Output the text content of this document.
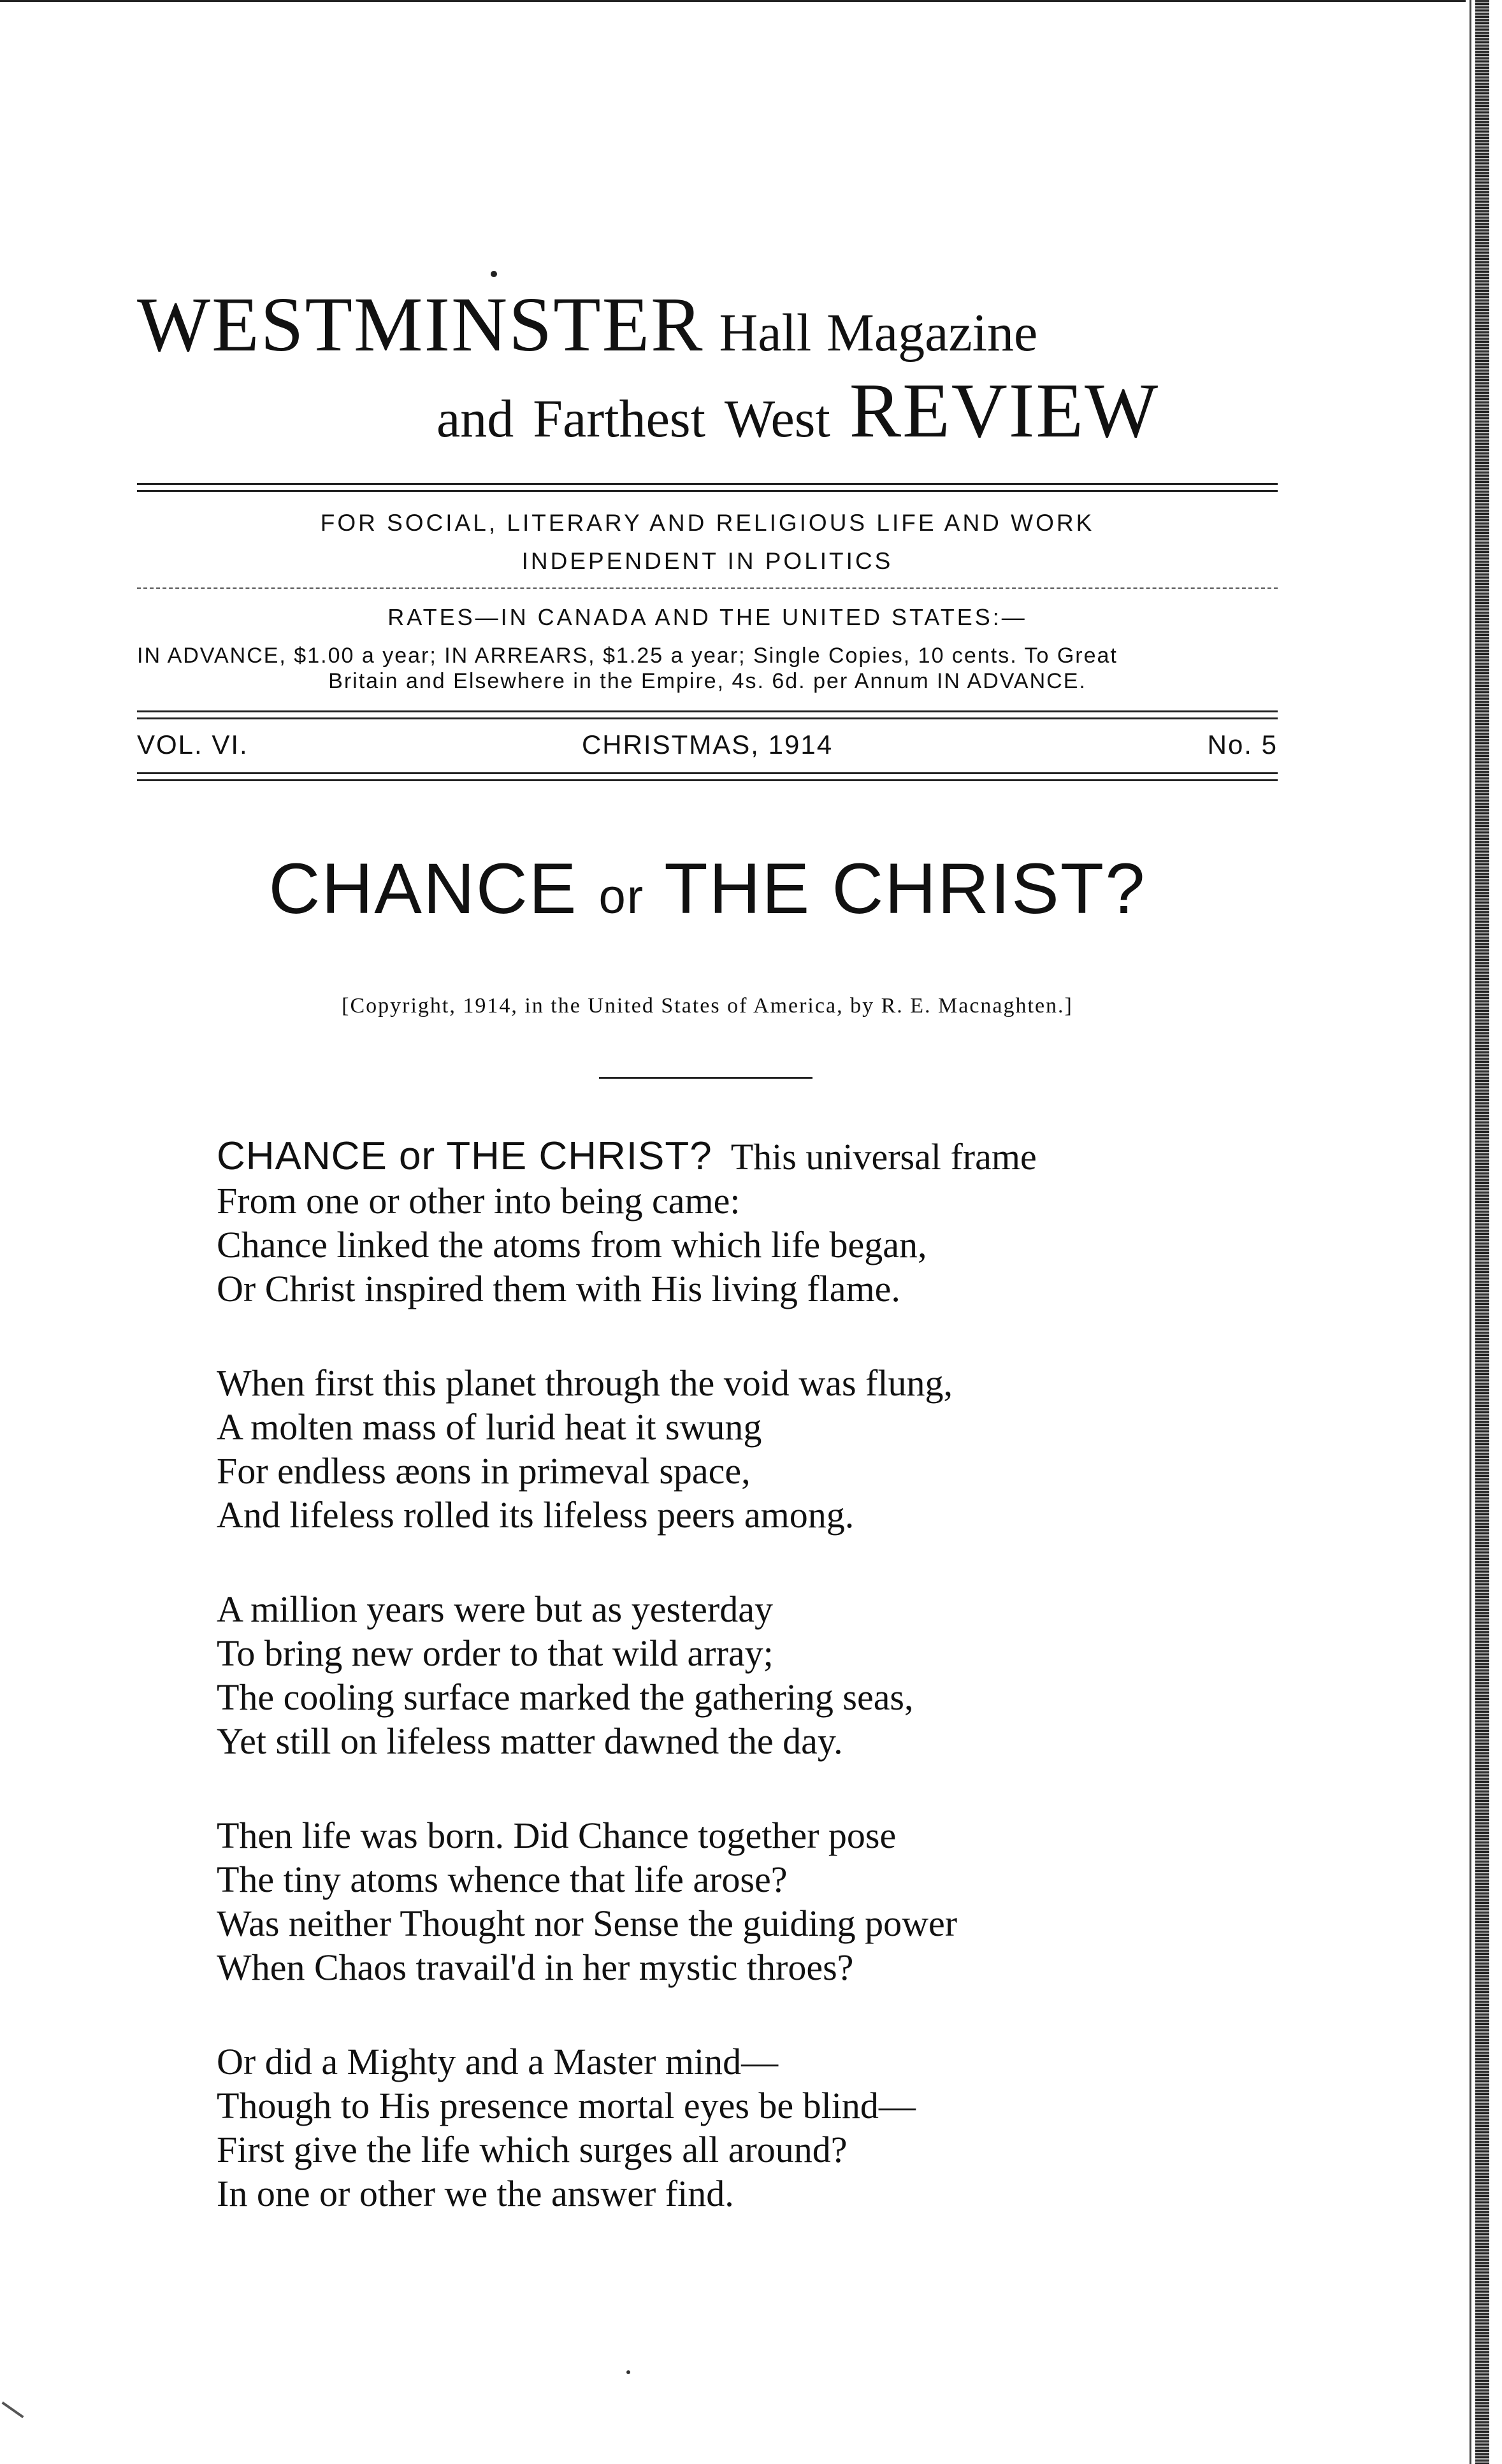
WESTMINSTER Hall Magazine
and Farthest West REVIEW
FOR SOCIAL, LITERARY AND RELIGIOUS LIFE AND WORK
INDEPENDENT IN POLITICS
RATES—IN CANADA AND THE UNITED STATES:—
IN ADVANCE, $1.00 a year; IN ARREARS, $1.25 a year; Single Copies, 10 cents. To Great
Britain and Elsewhere in the Empire, 4s. 6d. per Annum IN ADVANCE.
VOL. VI.	CHRISTMAS, 1914	No. 5
CHANCE or THE CHRIST?
[Copyright, 1914, in the United States of America, by R. E. Macnaghten.]
CHANCE or THE CHRIST? This universal frame
From one or other into being came:
Chance linked the atoms from which life began,
Or Christ inspired them with His living flame.
When first this planet through the void was flung,
A molten mass of lurid heat it swung
For endless æons in primeval space,
And lifeless rolled its lifeless peers among.
A million years were but as yesterday
To bring new order to that wild array;
The cooling surface marked the gathering seas,
Yet still on lifeless matter dawned the day.
Then life was born. Did Chance together pose
The tiny atoms whence that life arose?
Was neither Thought nor Sense the guiding power
When Chaos travail'd in her mystic throes?
Or did a Mighty and a Master mind—
Though to His presence mortal eyes be blind—
First give the life which surges all around?
In one or other we the answer find.
